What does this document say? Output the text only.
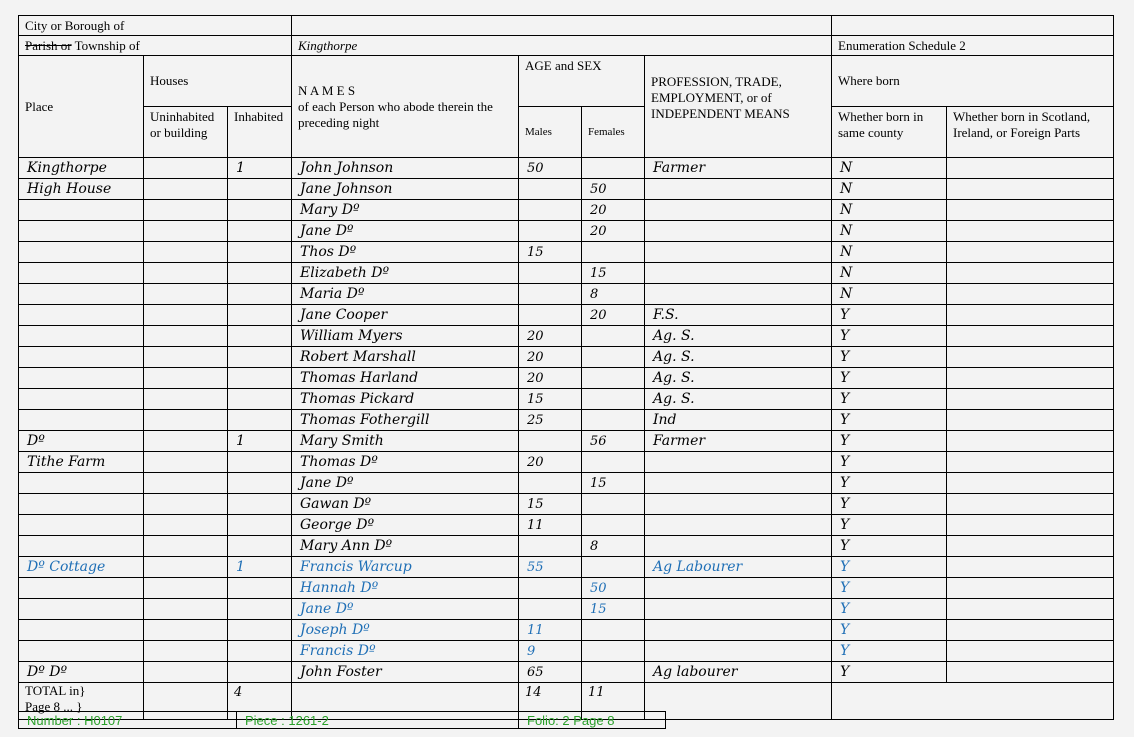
City or Borough of								
Parish or Township of			Kingthorpe				Enumeration Schedule 2	
Place	Houses		N A M E S
of each Person who abode therein the preceding night	AGE and SEX		PROFESSION, TRADE, EMPLOYMENT, or of INDEPENDENT MEANS	Where born	
	Uninhabited or building	Inhabited		Males	Females		Whether born in same county	Whether born in Scotland, Ireland, or Foreign Parts
Kingthorpe		1	John Johnson	50		Farmer	N	
High House			Jane Johnson		50		N	
			Mary Dº		20		N	
			Jane Dº		20		N	
			Thos Dº	15			N	
			Elizabeth Dº		15		N	
			Maria Dº		8		N	
			Jane Cooper		20	F.S.	Y	
			William Myers	20		Ag. S.	Y	
			Robert Marshall	20		Ag. S.	Y	
			Thomas Harland	20		Ag. S.	Y	
			Thomas Pickard	15		Ag. S.	Y	
			Thomas Fothergill	25		Ind	Y	
Dº		1	Mary Smith		56	Farmer	Y	
Tithe Farm			Thomas Dº	20			Y	
			Jane Dº		15		Y	
			Gawan Dº	15			Y	
			George Dº	11			Y	
			Mary Ann Dº		8		Y	
Dº Cottage		1	Francis Warcup	55		Ag Labourer	Y	
			Hannah Dº		50		Y	
			Jane Dº		15		Y	
			Joseph Dº	11			Y	
			Francis Dº	9			Y	
Dº Dº			John Foster	65		Ag labourer	Y	

TOTAL in}
Page 8 ... }		4		14	11			
Number : H0107	Piece : 1261-2	Folio: 2 Page 8
